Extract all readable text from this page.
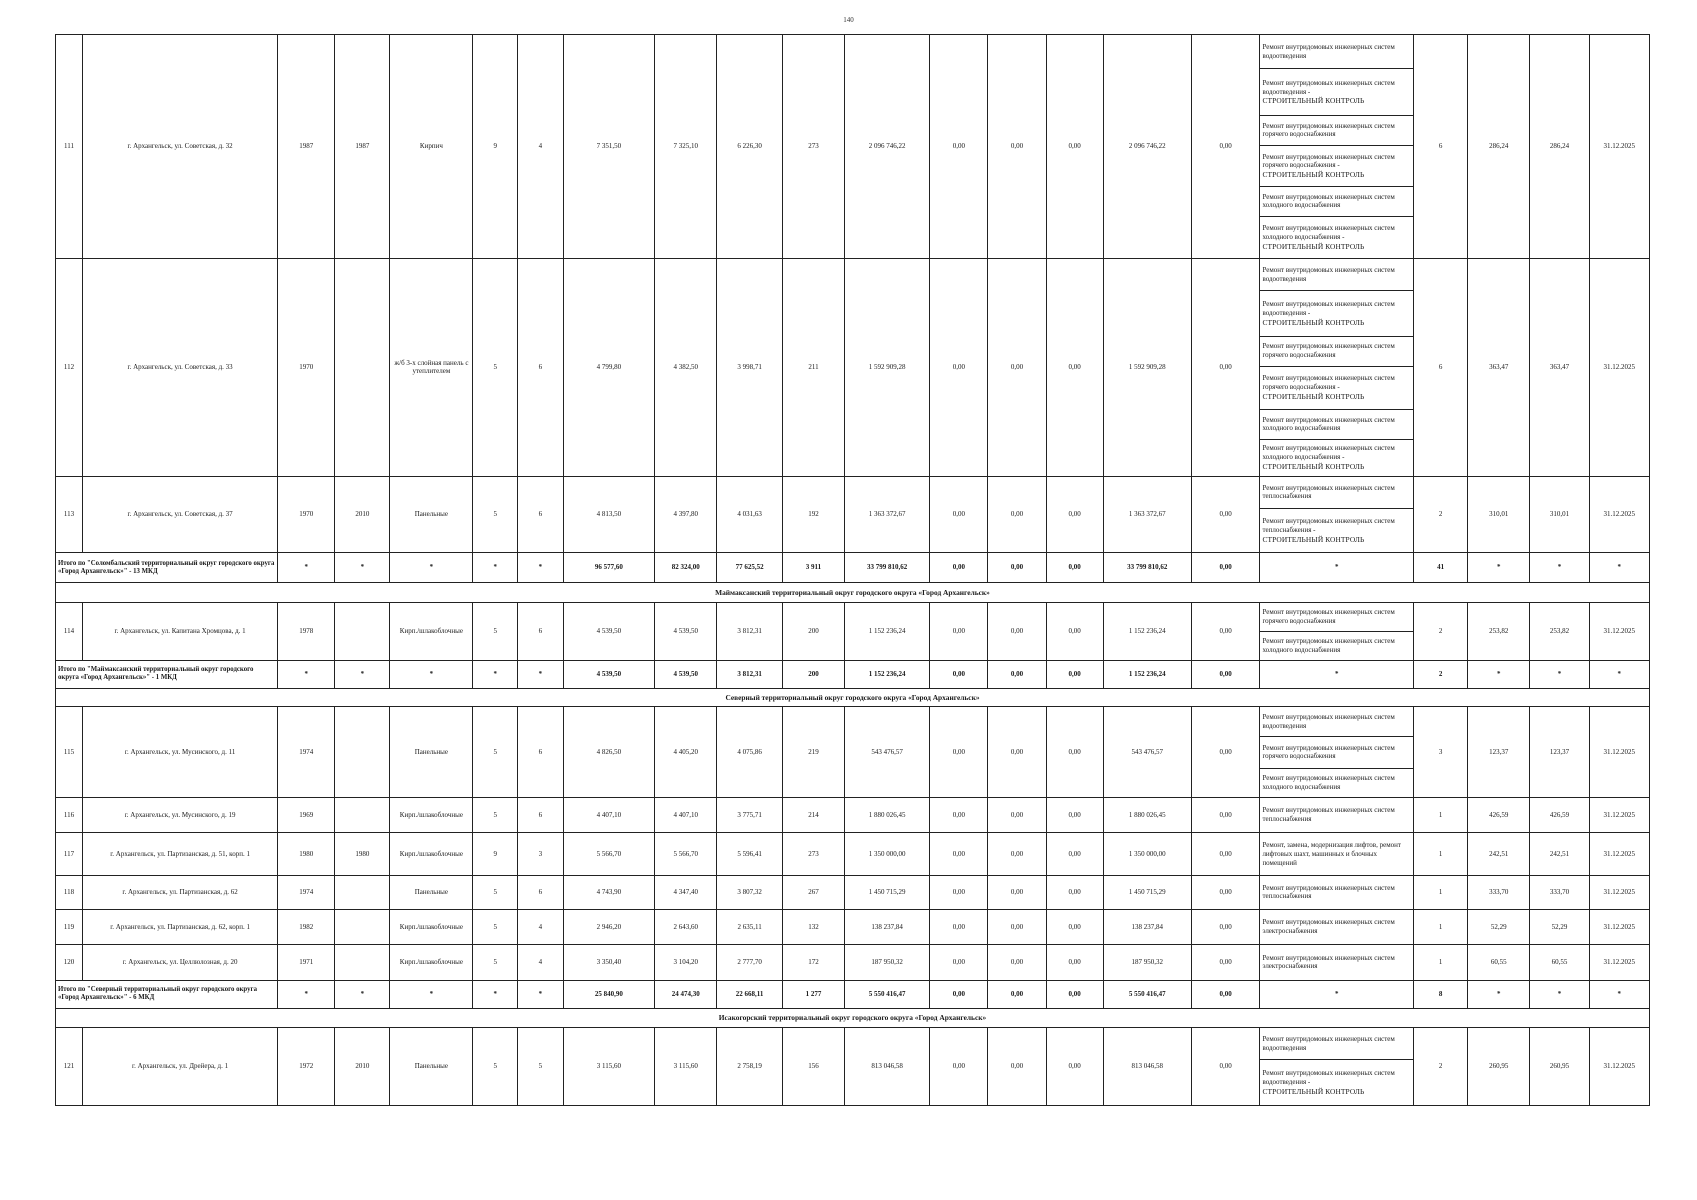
140
111	г. Архангельск, ул. Советская, д. 32	1987	1987	Кирпич	9	4	7 351,50	7 325,10	6 226,30	273	2 096 746,22	0,00	0,00	0,00	2 096 746,22	0,00	Ремонт внутридомовых инженерных систем водоотведения	6	286,24	286,24	31.12.2025
																	Ремонт внутридомовых инженерных систем водоотведения -
СТРОИТЕЛЬНЫЙ КОНТРОЛЬ				

																	Ремонт внутридомовых инженерных систем горячего водоснабжения				
																	Ремонт внутридомовых инженерных систем горячего водоснабжения -
СТРОИТЕЛЬНЫЙ КОНТРОЛЬ				

																	Ремонт внутридомовых инженерных систем холодного водоснабжения				
																	Ремонт внутридомовых инженерных систем холодного водоснабжения -
СТРОИТЕЛЬНЫЙ КОНТРОЛЬ				

112	г. Архангельск, ул. Советская, д. 33	1970		ж/б 3-х слойная панель с утеплителем	5	6	4 799,80	4 382,50	3 998,71	211	1 592 909,28	0,00	0,00	0,00	1 592 909,28	0,00	Ремонт внутридомовых инженерных систем водоотведения	6	363,47	363,47	31.12.2025
																	Ремонт внутридомовых инженерных систем водоотведения -
СТРОИТЕЛЬНЫЙ КОНТРОЛЬ				

																	Ремонт внутридомовых инженерных систем горячего водоснабжения				
																	Ремонт внутридомовых инженерных систем горячего водоснабжения -
СТРОИТЕЛЬНЫЙ КОНТРОЛЬ				

																	Ремонт внутридомовых инженерных систем холодного водоснабжения				
																	Ремонт внутридомовых инженерных систем холодного водоснабжения -
СТРОИТЕЛЬНЫЙ КОНТРОЛЬ				

113	г. Архангельск, ул. Советская, д. 37	1970	2010	Панельные	5	6	4 813,50	4 397,80	4 031,63	192	1 363 372,67	0,00	0,00	0,00	1 363 372,67	0,00	Ремонт внутридомовых инженерных систем теплоснабжения	2	310,01	310,01	31.12.2025
																	Ремонт внутридомовых инженерных систем теплоснабжения -
СТРОИТЕЛЬНЫЙ КОНТРОЛЬ				

Итого по "Соломбальский территориальный округ городского округа «Город Архангельск»" - 13 МКД		*	*	*	*	*	96 577,60	82 324,00	77 625,52	3 911	33 799 810,62	0,00	0,00	0,00	33 799 810,62	0,00	*	41	*	*	*
Маймаксанский территориальный округ городского округа «Город Архангельск»																					
114	г. Архангельск, ул. Капитана Хромцова, д. 1	1978		Кирп./шлакоблочные	5	6	4 539,50	4 539,50	3 812,31	200	1 152 236,24	0,00	0,00	0,00	1 152 236,24	0,00	Ремонт внутридомовых инженерных систем горячего водоснабжения	2	253,82	253,82	31.12.2025
																	Ремонт внутридомовых инженерных систем холодного водоснабжения				
Итого по "Маймаксанский территориальный округ городского округа «Город Архангельск»" - 1 МКД		*	*	*	*	*	4 539,50	4 539,50	3 812,31	200	1 152 236,24	0,00	0,00	0,00	1 152 236,24	0,00	*	2	*	*	*
Северный территориальный округ городского округа «Город Архангельск»																					
115	г. Архангельск, ул. Мусинского, д. 11	1974		Панельные	5	6	4 826,50	4 405,20	4 075,86	219	543 476,57	0,00	0,00	0,00	543 476,57	0,00	Ремонт внутридомовых инженерных систем водоотведения	3	123,37	123,37	31.12.2025
																	Ремонт внутридомовых инженерных систем горячего водоснабжения				
																	Ремонт внутридомовых инженерных систем холодного водоснабжения				
116	г. Архангельск, ул. Мусинского, д. 19	1969		Кирп./шлакоблочные	5	6	4 407,10	4 407,10	3 775,71	214	1 880 026,45	0,00	0,00	0,00	1 880 026,45	0,00	Ремонт внутридомовых инженерных систем теплоснабжения	1	426,59	426,59	31.12.2025
117	г. Архангельск, ул. Партизанская, д. 51, корп. 1	1980	1980	Кирп./шлакоблочные	9	3	5 566,70	5 566,70	5 596,41	273	1 350 000,00	0,00	0,00	0,00	1 350 000,00	0,00	Ремонт, замена, модернизация лифтов, ремонт лифтовых шахт, машинных и блочных помещений	1	242,51	242,51	31.12.2025
118	г. Архангельск, ул. Партизанская, д. 62	1974		Панельные	5	6	4 743,90	4 347,40	3 807,32	267	1 450 715,29	0,00	0,00	0,00	1 450 715,29	0,00	Ремонт внутридомовых инженерных систем теплоснабжения	1	333,70	333,70	31.12.2025
119	г. Архангельск, ул. Партизанская, д. 62, корп. 1	1982		Кирп./шлакоблочные	5	4	2 946,20	2 643,60	2 635,11	132	138 237,84	0,00	0,00	0,00	138 237,84	0,00	Ремонт внутридомовых инженерных систем электроснабжения	1	52,29	52,29	31.12.2025
120	г. Архангельск, ул. Целлюлозная, д. 20	1971		Кирп./шлакоблочные	5	4	3 350,40	3 104,20	2 777,70	172	187 950,32	0,00	0,00	0,00	187 950,32	0,00	Ремонт внутридомовых инженерных систем электроснабжения	1	60,55	60,55	31.12.2025
Итого по "Северный территориальный округ городского округа «Город Архангельск»" - 6 МКД		*	*	*	*	*	25 840,90	24 474,30	22 668,11	1 277	5 550 416,47	0,00	0,00	0,00	5 550 416,47	0,00	*	8	*	*	*
Исакогорский территориальный округ городского округа «Город Архангельск»																					
121	г. Архангельск, ул. Дрейера, д. 1	1972	2010	Панельные	5	5	3 115,60	3 115,60	2 758,19	156	813 046,58	0,00	0,00	0,00	813 046,58	0,00	Ремонт внутридомовых инженерных систем водоотведения	2	260,95	260,95	31.12.2025
																	Ремонт внутридомовых инженерных систем водоотведения -
СТРОИТЕЛЬНЫЙ КОНТРОЛЬ				
